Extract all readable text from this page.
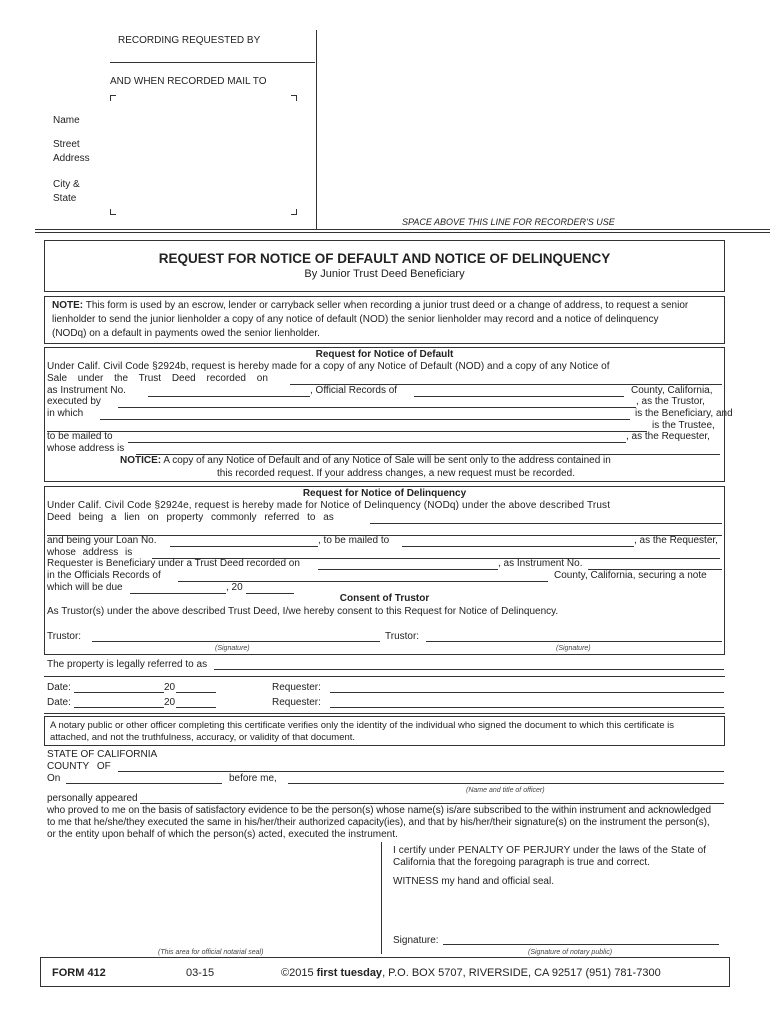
RECORDING REQUESTED BY
AND WHEN RECORDED MAIL TO
Name
Street
Address
City &
State
SPACE ABOVE THIS LINE FOR RECORDER'S USE
REQUEST FOR NOTICE OF DEFAULT AND NOTICE OF DELINQUENCY
By Junior Trust Deed Beneficiary
NOTE: This form is used by an escrow, lender or carryback seller when recording a junior trust deed or a change of address, to request a senior
lienholder to send the junior lienholder a copy of any notice of default (NOD) the senior lienholder may record and a notice of delinquency
(NODq) on a default in payments owed the senior lienholder.
Request for Notice of Default
Under Calif. Civil Code §2924b, request is hereby made for a copy of any Notice of Default (NOD) and a copy of any Notice of
Sale under the Trust Deed recorded on
as Instrument No.	, Official Records of	County, California,
executed by	, as the Trustor,
in which	is the Beneficiary, and
is the Trustee,
to be mailed to	, as the Requester,
whose address is
NOTICE: A copy of any Notice of Default and of any Notice of Sale will be sent only to the address contained in
this recorded request. If your address changes, a new request must be recorded.
Request for Notice of Delinquency
Under Calif. Civil Code §2924e, request is hereby made for Notice of Delinquency (NODq) under the above described Trust
Deed being a lien on property commonly referred to as
and being your Loan No.	, to be mailed to	, as the Requester,
whose address is
Requester is Beneficiary under a Trust Deed recorded on	, as Instrument No.
in the Officials Records of	County, California, securing a note
which will be due	, 20
Consent of Trustor
As Trustor(s) under the above described Trust Deed, I/we hereby consent to this Request for Notice of Delinquency.
Trustor:	Trustor:
(Signature)	(Signature)
The property is legally referred to as
Date:	20	Requester:
Date:	20	Requester:
A notary public or other officer completing this certificate verifies only the identity of the individual who signed the document to which this certificate is
attached, and not the truthfulness, accuracy, or validity of that document.
STATE OF CALIFORNIA
COUNTY OF
On	before me,
(Name and title of officer)
personally appeared
who proved to me on the basis of satisfactory evidence to be the person(s) whose name(s) is/are subscribed to the within instrument and acknowledged
to me that he/she/they executed the same in his/her/their authorized capacity(ies), and that by his/her/their signature(s) on the instrument the person(s),
or the entity upon behalf of which the person(s) acted, executed the instrument.
I certify under PENALTY OF PERJURY under the laws of the State of
California that the foregoing paragraph is true and correct.
WITNESS my hand and official seal.
Signature:
(Signature of notary public)
(This area for official notarial seal)
FORM 412	03-15	©2015 first tuesday, P.O. BOX 5707, RIVERSIDE, CA 92517 (951) 781-7300
